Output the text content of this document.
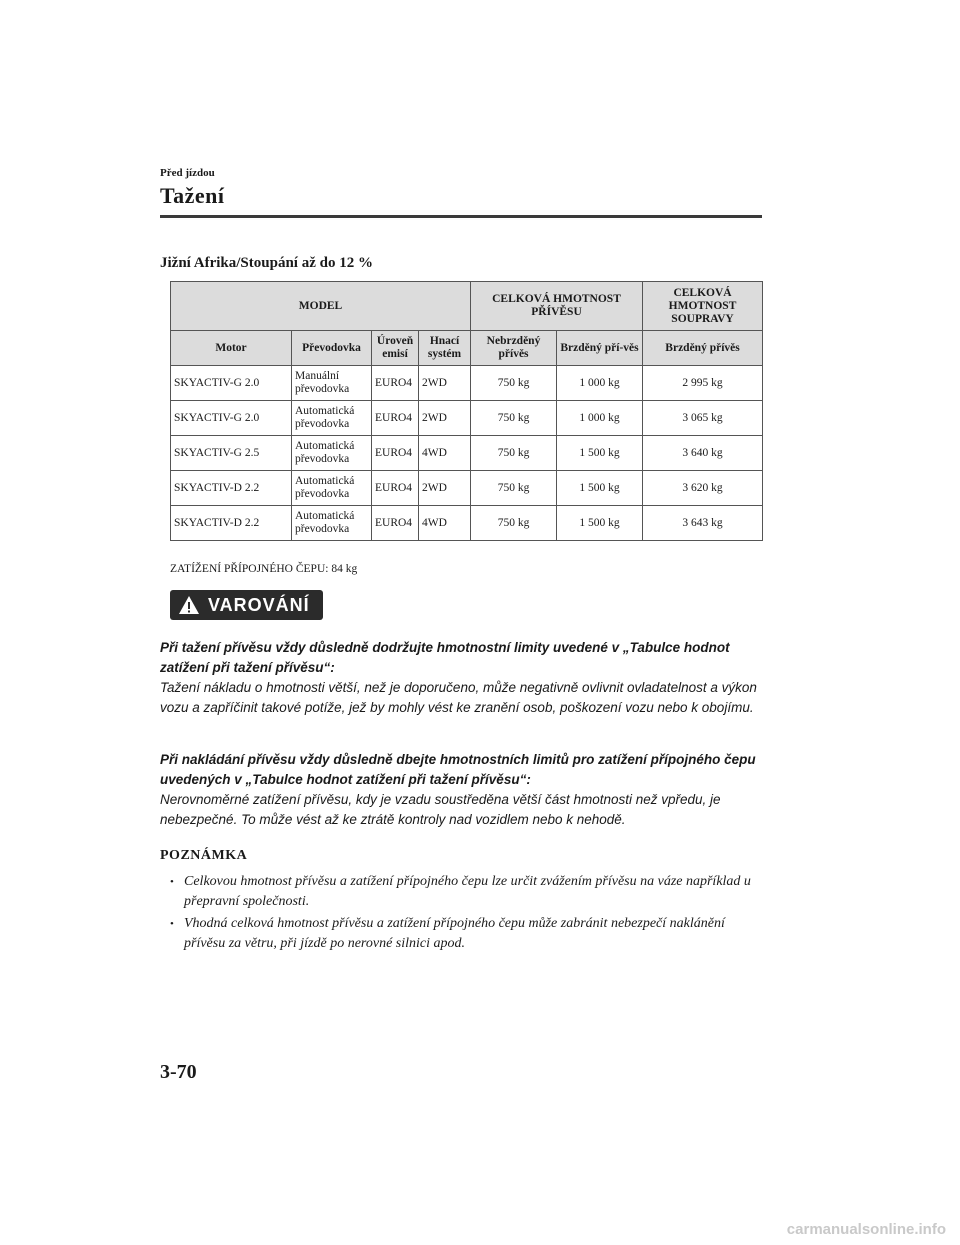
Před jízdou
Tažení
Jižní Afrika/Stoupání až do 12 %
MODEL				CELKOVÁ HMOTNOST PŘÍVĚSU		CELKOVÁ HMOTNOST SOUPRAVY
Motor	Převodovka	Úroveň emisí	Hnací systém	Nebrzděný přívěs	Brzděný pří-věs	Brzděný přívěs
SKYACTIV-G 2.0	Manuální převodovka	EURO4	2WD	750 kg	1 000 kg	2 995 kg
SKYACTIV-G 2.0	Automatická převodovka	EURO4	2WD	750 kg	1 000 kg	3 065 kg
SKYACTIV-G 2.5	Automatická převodovka	EURO4	4WD	750 kg	1 500 kg	3 640 kg
SKYACTIV-D 2.2	Automatická převodovka	EURO4	2WD	750 kg	1 500 kg	3 620 kg
SKYACTIV-D 2.2	Automatická převodovka	EURO4	4WD	750 kg	1 500 kg	3 643 kg
ZATÍŽENÍ PŘÍPOJNÉHO ČEPU: 84 kg
VAROVÁNÍ

Při tažení přívěsu vždy důsledně dodržujte hmotnostní limity uvedené v „Tabulce hodnot zatížení při tažení přívěsu“:
Tažení nákladu o hmotnosti větší, než je doporučeno, může negativně ovlivnit ovladatelnost a výkon vozu a zapříčinit takové potíže, jež by mohly vést ke zranění osob, poškození vozu nebo k obojímu.

Při nakládání přívěsu vždy důsledně dbejte hmotnostních limitů pro zatížení přípojného čepu uvedených v „Tabulce hodnot zatížení při tažení přívěsu“:
Nerovnoměrné zatížení přívěsu, kdy je vzadu soustředěna větší část hmotnosti než vpředu, je nebezpečné. To může vést až ke ztrátě kontroly nad vozidlem nebo k nehodě.

POZNÁMKA
• Celkovou hmotnost přívěsu a zatížení přípojného čepu lze určit zvážením přívěsu na váze například u přepravní společnosti.
• Vhodná celková hmotnost přívěsu a zatížení přípojného čepu může zabránit nebezpečí naklánění přívěsu za větru, při jízdě po nerovné silnici apod.
3-70
carmanualsonline.info
